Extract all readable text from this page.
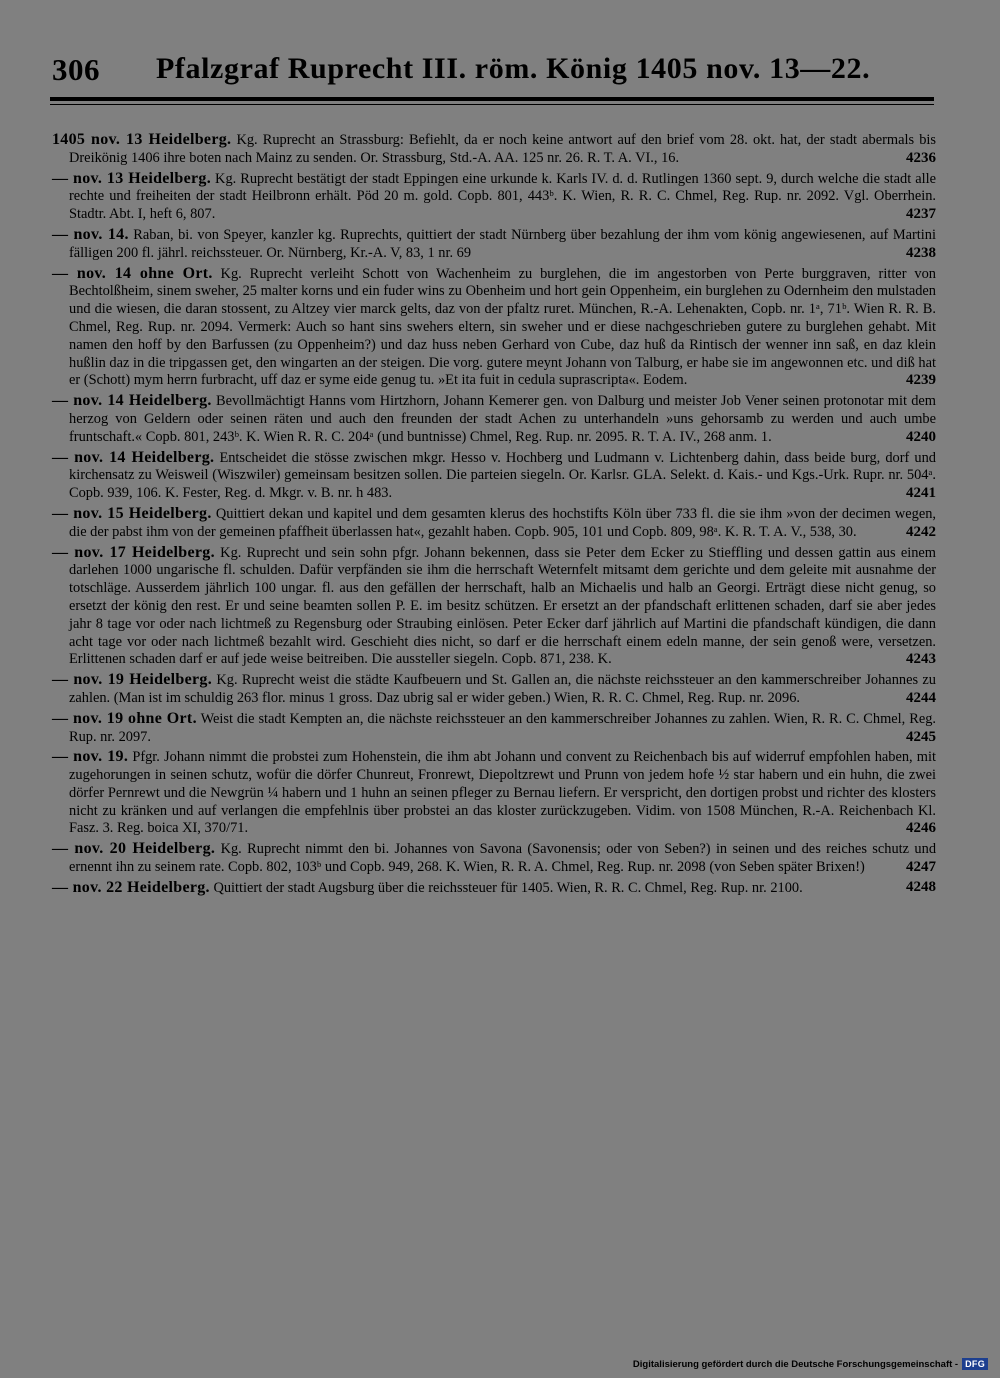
306 Pfalzgraf Ruprecht III. röm. König 1405 nov. 13—22.

1405 nov. 13 Heidelberg. Kg. Ruprecht an Strassburg: Befiehlt, da er noch keine antwort auf den brief vom 28. okt. hat, der stadt abermals bis Dreikönig 1406 ihre boten nach Mainz zu senden. Or. Strassburg, Std.-A. AA. 125 nr. 26. R. T. A. VI., 16.	4236

— nov. 13 Heidelberg. Kg. Ruprecht bestätigt der stadt Eppingen eine urkunde k. Karls IV. d. d. Rutlingen 1360 sept. 9, durch welche die stadt alle rechte und freiheiten der stadt Heilbronn erhält. Pöd 20 m. gold. Copb. 801, 443ᵇ. K. Wien, R. R. C. Chmel, Reg. Rup. nr. 2092. Vgl. Oberrhein. Stadtr. Abt. I, heft 6, 807.	4237

— nov. 14. Raban, bi. von Speyer, kanzler kg. Ruprechts, quittiert der stadt Nürnberg über bezahlung der ihm vom könig angewiesenen, auf Martini fälligen 200 fl. jährl. reichssteuer. Or. Nürnberg, Kr.-A. V, 83, 1 nr. 69	4238

— nov. 14 ohne Ort. Kg. Ruprecht verleiht Schott von Wachenheim zu burglehen, die im angestorben von Perte burggraven, ritter von Bechtolßheim, sinem sweher, 25 malter korns und ein fuder wins zu Obenheim und hort gein Oppenheim, ein burglehen zu Odernheim den mulstaden und die wiesen, die daran stossent, zu Altzey vier marck gelts, daz von der pfaltz ruret. München, R.-A. Lehenakten, Copb. nr. 1ᵃ, 71ᵇ. Wien R. R. B. Chmel, Reg. Rup. nr. 2094. Vermerk: Auch so hant sins swehers eltern, sin sweher und er diese nachgeschrieben gutere zu burglehen gehabt. Mit namen den hoff by den Barfussen (zu Oppenheim?) und daz huss neben Gerhard von Cube, daz huß da Rintisch der wenner inn saß, en daz klein hußlin daz in die tripgassen get, den wingarten an der steigen. Die vorg. gutere meynt Johann von Talburg, er habe sie im angewonnen etc. und diß hat er (Schott) mym herrn furbracht, uff daz er syme eide genug tu. »Et ita fuit in cedula suprascripta«. Eodem.	4239

— nov. 14 Heidelberg. Bevollmächtigt Hanns vom Hirtzhorn, Johann Kemerer gen. von Dalburg und meister Job Vener seinen protonotar mit dem herzog von Geldern oder seinen räten und auch den freunden der stadt Achen zu unterhandeln »uns gehorsamb zu werden und auch umbe fruntschaft.« Copb. 801, 243ᵇ. K. Wien R. R. C. 204ᵃ (und buntnisse) Chmel, Reg. Rup. nr. 2095. R. T. A. IV., 268 anm. 1.	4240

— nov. 14 Heidelberg. Entscheidet die stösse zwischen mkgr. Hesso v. Hochberg und Ludmann v. Lichtenberg dahin, dass beide burg, dorf und kirchensatz zu Weisweil (Wiszwiler) gemeinsam besitzen sollen. Die parteien siegeln. Or. Karlsr. GLA. Selekt. d. Kais.- und Kgs.-Urk. Rupr. nr. 504ᵃ. Copb. 939, 106. K. Fester, Reg. d. Mkgr. v. B. nr. h 483.	4241

— nov. 15 Heidelberg. Quittiert dekan und kapitel und dem gesamten klerus des hochstifts Köln über 733 fl. die sie ihm »von der decimen wegen, die der pabst ihm von der gemeinen pfaffheit überlassen hat«, gezahlt haben. Copb. 905, 101 und Copb. 809, 98ᵃ. K. R. T. A. V., 538, 30.	4242

— nov. 17 Heidelberg. Kg. Ruprecht und sein sohn pfgr. Johann bekennen, dass sie Peter dem Ecker zu Stieffling und dessen gattin aus einem darlehen 1000 ungarische fl. schulden. Dafür verpfänden sie ihm die herrschaft Weternfelt mitsamt dem gerichte und dem geleite mit ausnahme der totschläge. Ausserdem jährlich 100 ungar. fl. aus den gefällen der herrschaft, halb an Michaelis und halb an Georgi. Erträgt diese nicht genug, so ersetzt der könig den rest. Er und seine beamten sollen P. E. im besitz schützen. Er ersetzt an der pfandschaft erlittenen schaden, darf sie aber jedes jahr 8 tage vor oder nach lichtmeß zu Regensburg oder Straubing einlösen. Peter Ecker darf jährlich auf Martini die pfandschaft kündigen, die dann acht tage vor oder nach lichtmeß bezahlt wird. Geschieht dies nicht, so darf er die herrschaft einem edeln manne, der sein genoß were, versetzen. Erlittenen schaden darf er auf jede weise beitreiben. Die aussteller siegeln. Copb. 871, 238. K.	4243

— nov. 19 Heidelberg. Kg. Ruprecht weist die städte Kaufbeuern und St. Gallen an, die nächste reichssteuer an den kammerschreiber Johannes zu zahlen. (Man ist im schuldig 263 flor. minus 1 gross. Daz ubrig sal er wider geben.) Wien, R. R. C. Chmel, Reg. Rup. nr. 2096.	4244

— nov. 19 ohne Ort. Weist die stadt Kempten an, die nächste reichssteuer an den kammerschreiber Johannes zu zahlen. Wien, R. R. C. Chmel, Reg. Rup. nr. 2097.	4245

— nov. 19. Pfgr. Johann nimmt die probstei zum Hohenstein, die ihm abt Johann und convent zu Reichenbach bis auf widerruf empfohlen haben, mit zugehorungen in seinen schutz, wofür die dörfer Chunreut, Fronrewt, Diepoltzrewt und Prunn von jedem hofe ½ star habern und ein huhn, die zwei dörfer Pernrewt und die Newgrün ¼ habern und 1 huhn an seinen pfleger zu Bernau liefern. Er verspricht, den dortigen probst und richter des klosters nicht zu kränken und auf verlangen die empfehlnis über probstei an das kloster zurückzugeben. Vidim. von 1508 München, R.-A. Reichenbach Kl. Fasz. 3. Reg. boica XI, 370/71.	4246

— nov. 20 Heidelberg. Kg. Ruprecht nimmt den bi. Johannes von Savona (Savonensis; oder von Seben?) in seinen und des reiches schutz und ernennt ihn zu seinem rate. Copb. 802, 103ᵇ und Copb. 949, 268. K. Wien, R. R. A. Chmel, Reg. Rup. nr. 2098 (von Seben später Brixen!)	4247

— nov. 22 Heidelberg. Quittiert der stadt Augsburg über die reichssteuer für 1405. Wien, R. R. C. Chmel, Reg. Rup. nr. 2100.	4248

Digitalisierung gefördert durch die Deutsche Forschungsgemeinschaft - DFG
